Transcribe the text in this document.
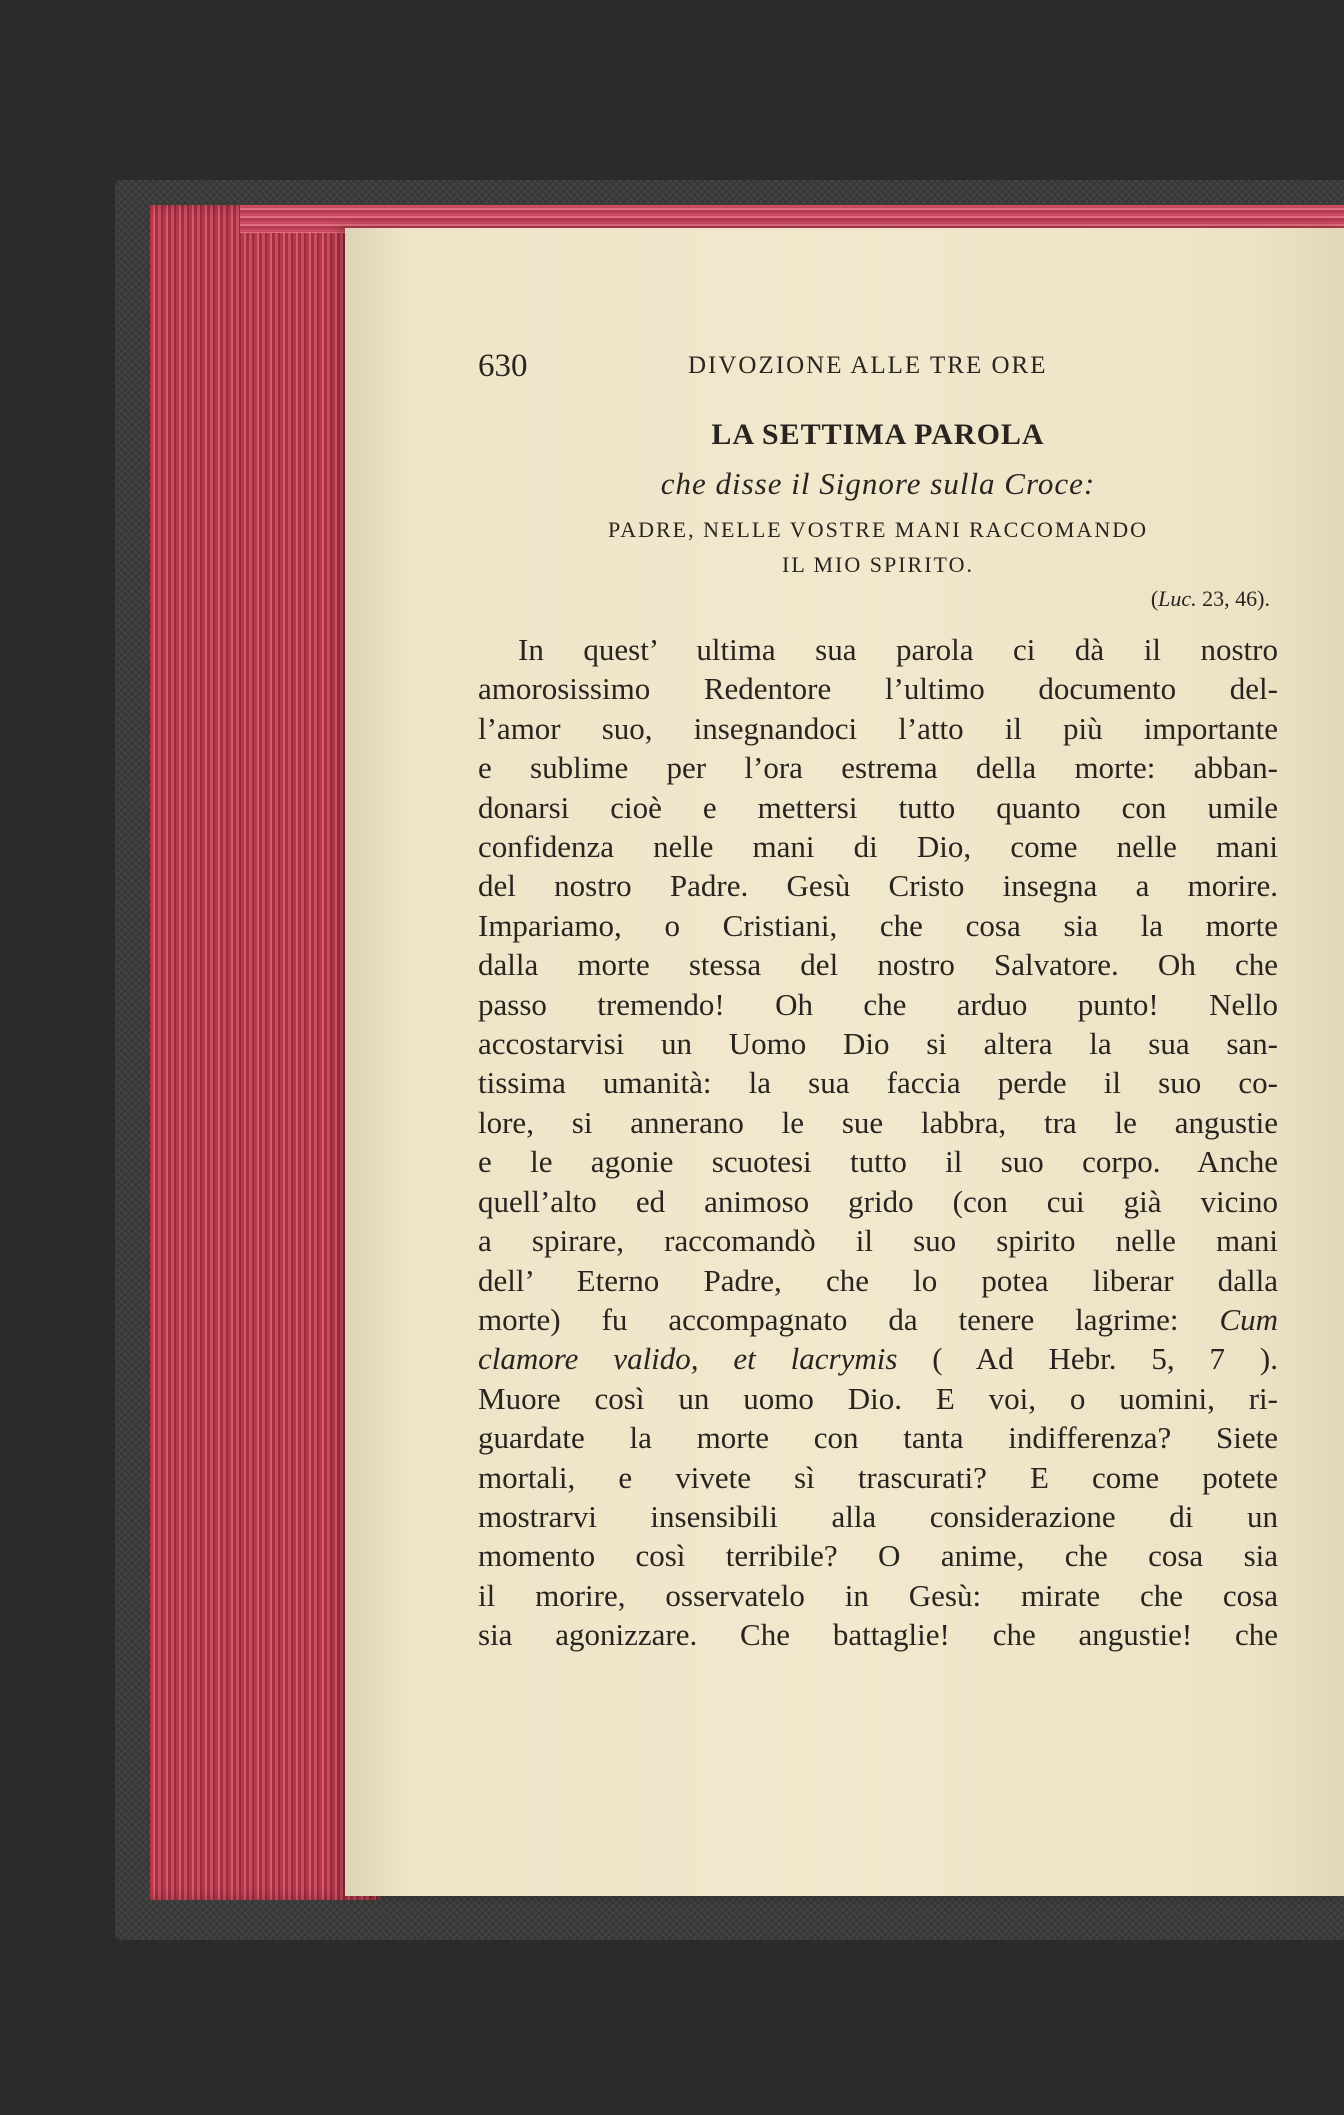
630	DIVOZIONE ALLE TRE ORE
LA SETTIMA PAROLA
che disse il Signore sulla Croce:
PADRE, NELLE VOSTRE MANI RACCOMANDO
IL MIO SPIRITO.
(Luc. 23, 46).
In quest’ ultima sua parola ci dà il nostro
amorosissimo Redentore l’ultimo documento del-
l’amor suo, insegnandoci l’atto il più importante
e sublime per l’ora estrema della morte: abban-
donarsi cioè e mettersi tutto quanto con umile
confidenza nelle mani di Dio, come nelle mani
del nostro Padre. Gesù Cristo insegna a morire.
Impariamo, o Cristiani, che cosa sia la morte
dalla morte stessa del nostro Salvatore. Oh che
passo tremendo! Oh che arduo punto! Nello
accostarvisi un Uomo Dio si altera la sua san-
tissima umanità: la sua faccia perde il suo co-
lore, si annerano le sue labbra, tra le angustie
e le agonie scuotesi tutto il suo corpo. Anche
quell’alto ed animoso grido (con cui già vicino
a spirare, raccomandò il suo spirito nelle mani
dell’ Eterno Padre, che lo potea liberar dalla
morte) fu accompagnato da tenere lagrime: Cum
clamore valido, et lacrymis ( Ad Hebr. 5, 7 ).
Muore così un uomo Dio. E voi, o uomini, ri-
guardate la morte con tanta indifferenza? Siete
mortali, e vivete sì trascurati? E come potete
mostrarvi insensibili alla considerazione di un
momento così terribile? O anime, che cosa sia
il morire, osservatelo in Gesù: mirate che cosa
sia agonizzare. Che battaglie! che angustie! che
